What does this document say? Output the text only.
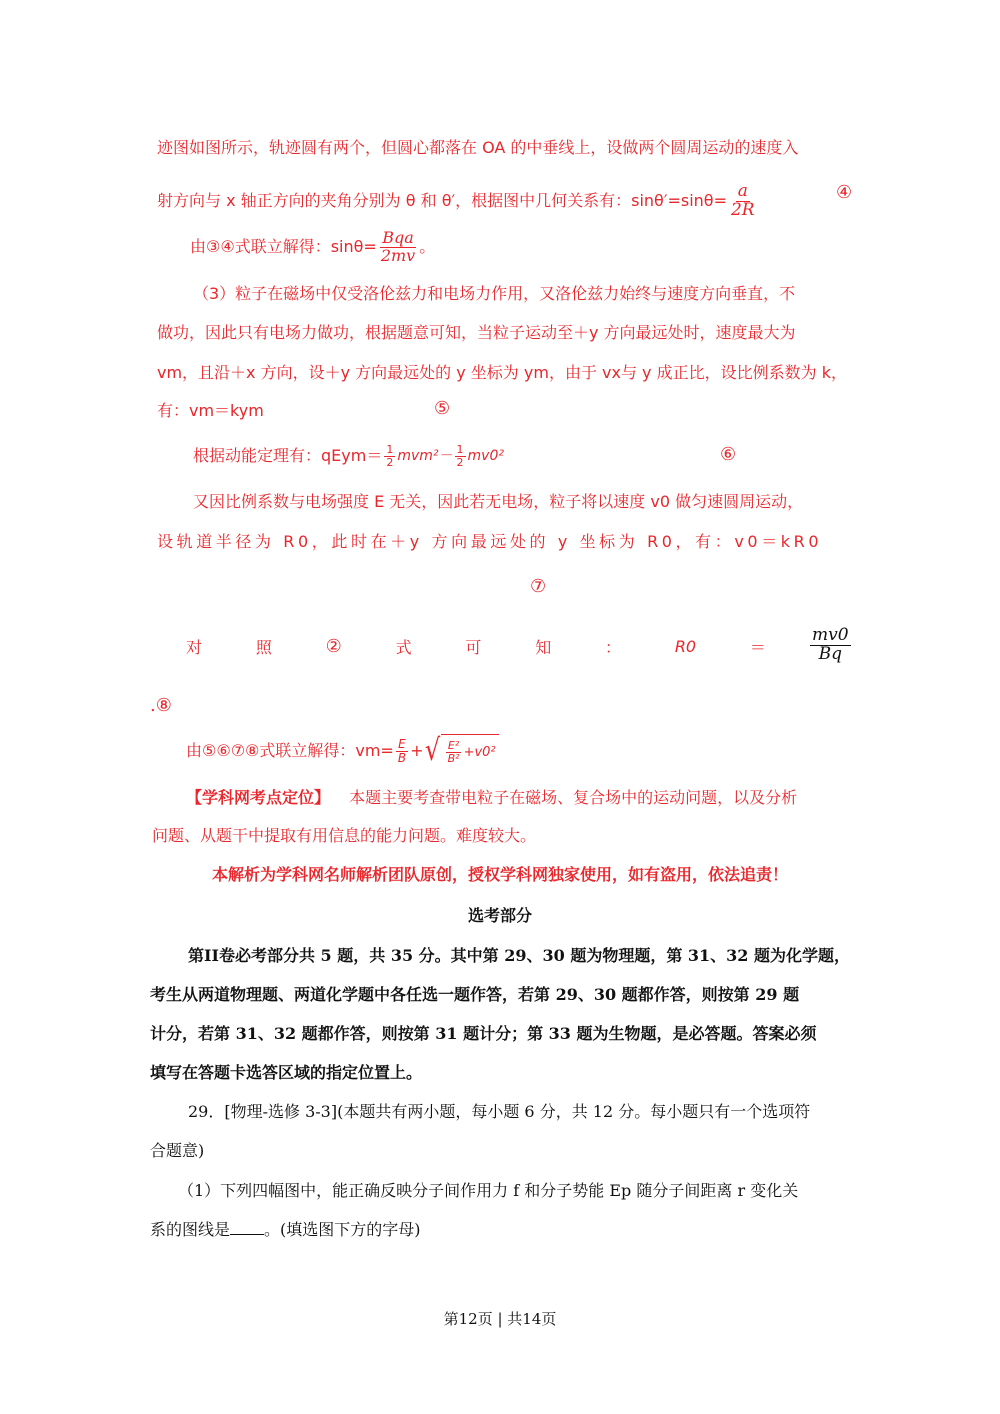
迹图如图所示，轨迹圆有两个，但圆心都落在 OA 的中垂线上，设做两个圆周运动的速度入
射方向与 x 轴正方向的夹角分别为 θ 和 θ′，根据图中几何关系有：$\sin\theta'=\sin\theta= \frac{a}{2R}$	④
由③④式联立解得：$\sin\theta= \frac{\text{Bqa}}{2mv}$ 。
（3）粒子在磁场中仅受洛伦兹力和电场力作用，又洛伦兹力始终与速度方向垂直，不
做功，因此只有电场力做功，根据题意可知，当粒子运动至＋y 方向最远处时，速度最大为
vm，且沿＋x 方向，设＋y 方向最远处的 y 坐标为 ym，由于 vx与 y 成正比，设比例系数为 k，
有：vm＝kym	⑤
根据动能定理有：qEym＝ $\frac{1}{2} mvm^2- \frac{1}{2} mv0^2$	⑥
又因比例系数与电场强度 E 无关，因此若无电场，粒子将以速度 v0 做匀速圆周运动，
设轨道半径为 R0，此时在＋y 方向最远处的 y 坐标为 R0，有：v0＝kR0
⑦
对	照	②	式	可	知	：	R0	＝	$\frac{mv0}{Bq}$
.⑧
由⑤⑥⑦⑧式联立解得：$vm= \frac{E}{B}$ + √ $\frac{\text{E²}}{\text{B²}} +v0^2$
【学科网考点定位】 本题主要考查带电粒子在磁场、复合场中的运动问题，以及分析
问题、从题干中提取有用信息的能力问题。难度较大。
本解析为学科网名师解析团队原创，授权学科网独家使用，如有盗用，依法追责！
选考部分
第II卷必考部分共 5 题，共 35 分。其中第 29、30 题为物理题，第 31、32 题为化学题，
考生从两道物理题、两道化学题中各任选一题作答，若第 29、30 题都作答，则按第 29 题
计分，若第 31、32 题都作答，则按第 31 题计分；第 33 题为生物题，是必答题。答案必须
填写在答题卡选答区域的指定位置上。
29．[物理-选修 3-3](本题共有两小题，每小题 6 分，共 12 分。每小题只有一个选项符
合题意)
（1）下列四幅图中，能正确反映分子间作用力 f 和分子势能 Ep 随分子间距离 r 变化关
系的图线是 。(填选图下方的字母)
第12页 | 共14页
